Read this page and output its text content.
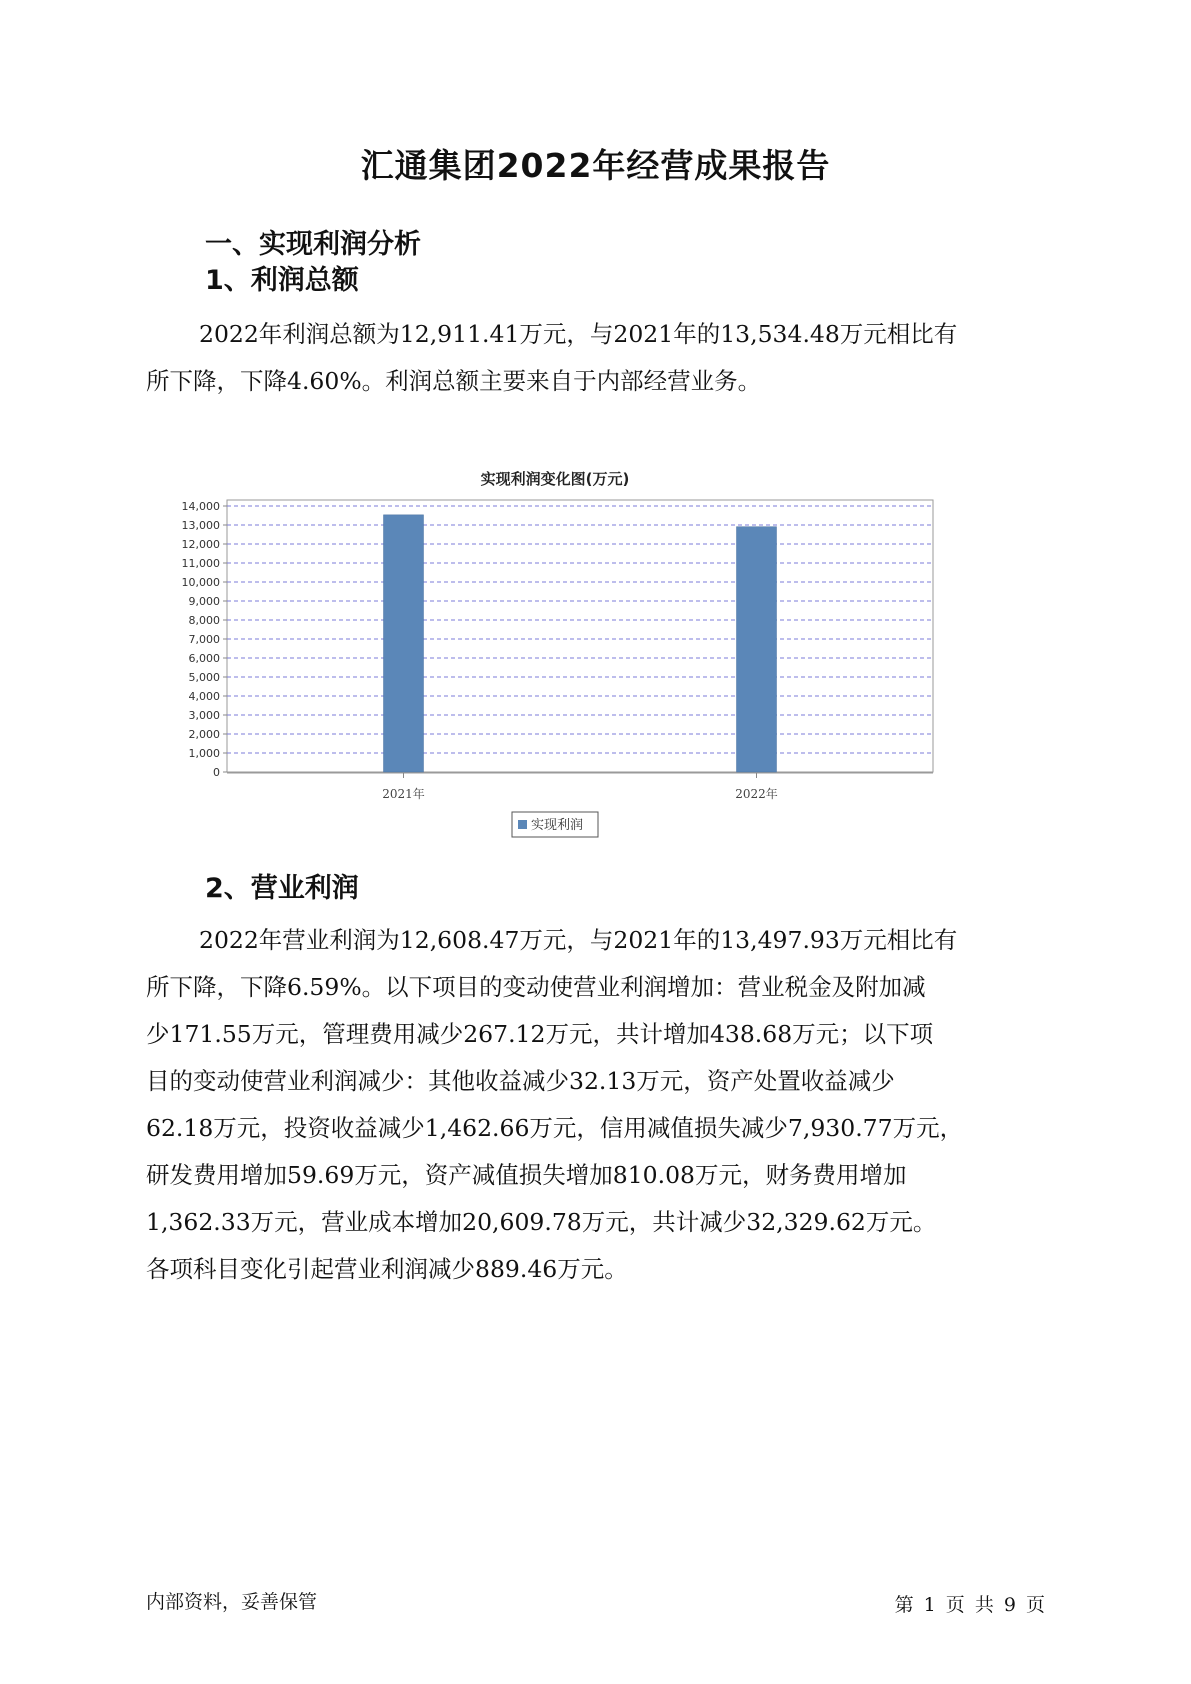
汇通集团2022年经营成果报告
一、实现利润分析
1、利润总额
2022年利润总额为12,911.41万元，与2021年的13,534.48万元相比有
所下降，下降4.60%。利润总额主要来自于内部经营业务。
实现利润变化图(万元)
0
1,000
2,000
3,000
4,000
5,000
6,000
7,000
8,000
9,000
10,000
11,000
12,000
13,000
14,000
2021年	2022年
实现利润
2、营业利润
2022年营业利润为12,608.47万元，与2021年的13,497.93万元相比有
所下降，下降6.59%。以下项目的变动使营业利润增加：营业税金及附加减
少171.55万元，管理费用减少267.12万元，共计增加438.68万元；以下项
目的变动使营业利润减少：其他收益减少32.13万元，资产处置收益减少
62.18万元，投资收益减少1,462.66万元，信用减值损失减少7,930.77万元，
研发费用增加59.69万元，资产减值损失增加810.08万元，财务费用增加
1,362.33万元，营业成本增加20,609.78万元，共计减少32,329.62万元。
各项科目变化引起营业利润减少889.46万元。
内部资料，妥善保管	第 1 页 共 9 页
